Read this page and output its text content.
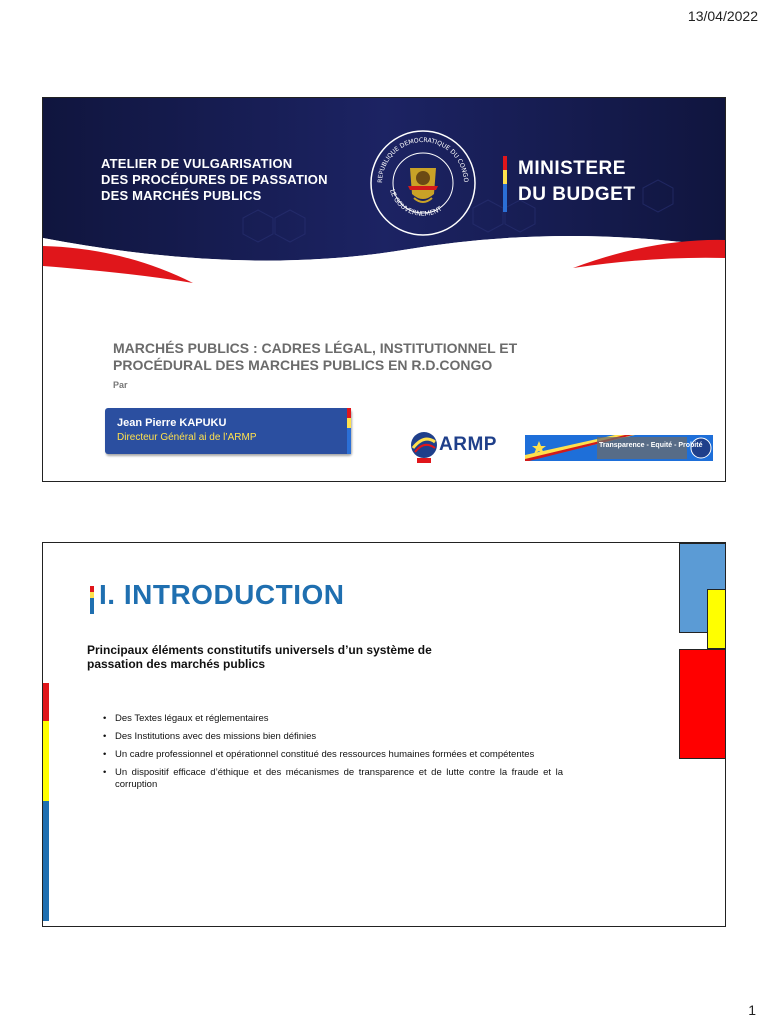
13/04/2022
ATELIER DE VULGARISATION
DES PROCÉDURES DE PASSATION
DES MARCHÉS PUBLICS
REPUBLIQUE DEMOCRATIQUE DU CONGO
LE GOUVERNEMENT
MINISTERE
DU BUDGET
MARCHÉS PUBLICS : CADRES LÉGAL, INSTITUTIONNEL ET
PROCÉDURAL DES MARCHES PUBLICS EN R.D.CONGO
Par
Jean Pierre KAPUKU
Directeur Général ai de l’ARMP	ARMP	Transparence - Equité - Probité
I. INTRODUCTION
Principaux éléments constitutifs universels d’un système de
passation des marchés publics
• Des Textes légaux et réglementaires
• Des Institutions avec des missions bien définies
• Un cadre professionnel et opérationnel constitué des ressources humaines formées et compétentes
• Un dispositif efficace d’éthique et des mécanismes de transparence et de lutte contre la fraude et la corruption
1
